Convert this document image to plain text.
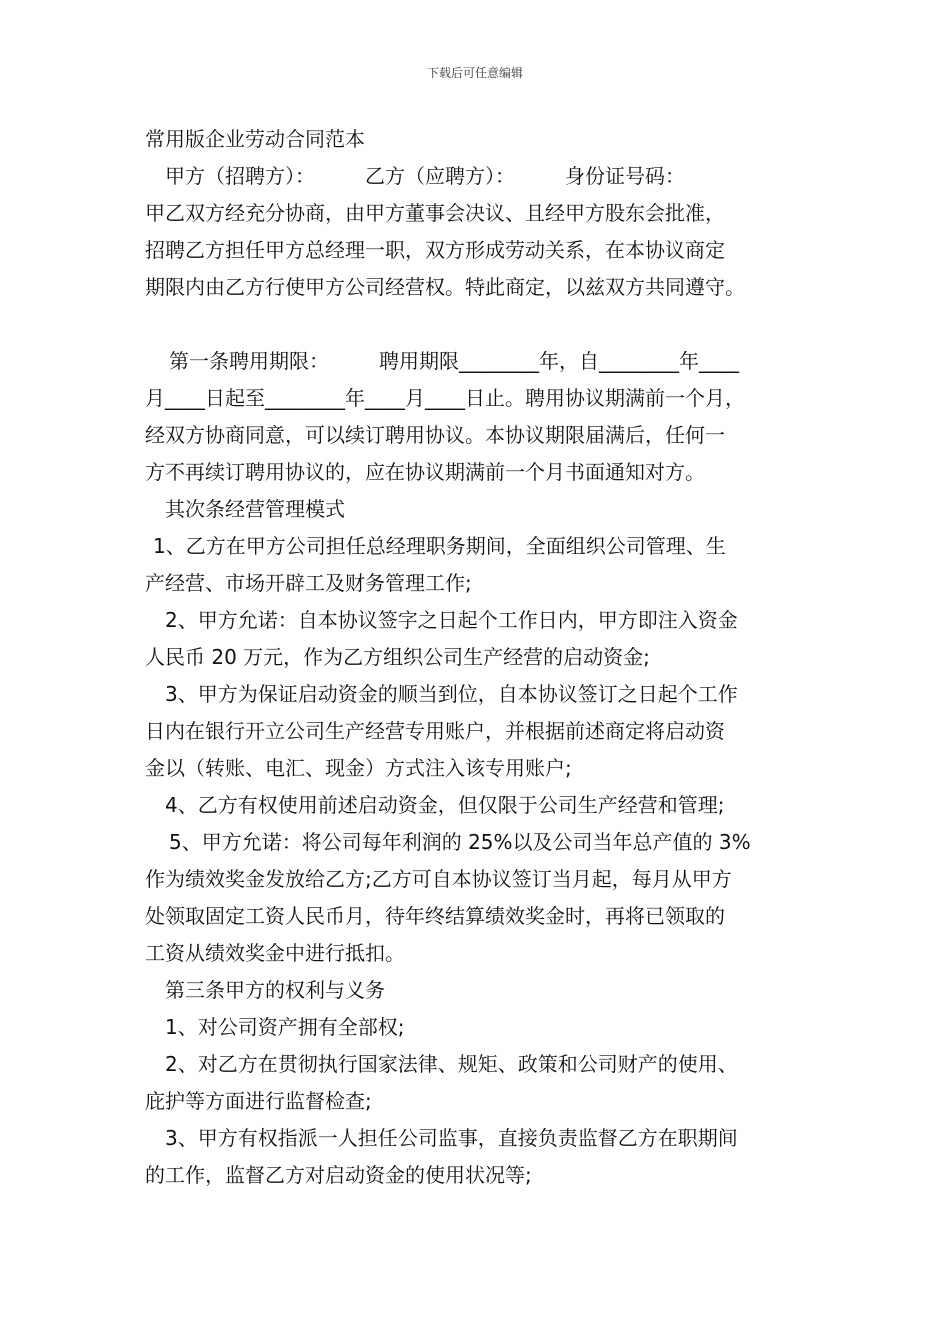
下载后可任意编辑
常用版企业劳动合同范本
甲方（招聘方）：　　　乙方（应聘方）：　　　身份证号码：
甲乙双方经充分协商，由甲方董事会决议、且经甲方股东会批准，
招聘乙方担任甲方总经理一职，双方形成劳动关系，在本协议商定
期限内由乙方行使甲方公司经营权。特此商定，以兹双方共同遵守。
第一条聘用期限：　　　聘用期限________年，自________年____
月____日起至________年____月____日止。聘用协议期满前一个月，
经双方协商同意，可以续订聘用协议。本协议期限届满后，任何一
方不再续订聘用协议的，应在协议期满前一个月书面通知对方。
其次条经营管理模式
1、乙方在甲方公司担任总经理职务期间，全面组织公司管理、生
产经营、市场开辟工及财务管理工作;
2、甲方允诺：自本协议签字之日起个工作日内，甲方即注入资金
人民币 20 万元，作为乙方组织公司生产经营的启动资金;
3、甲方为保证启动资金的顺当到位，自本协议签订之日起个工作
日内在银行开立公司生产经营专用账户，并根据前述商定将启动资
金以（转账、电汇、现金）方式注入该专用账户;
4、乙方有权使用前述启动资金，但仅限于公司生产经营和管理;
5、甲方允诺：将公司每年利润的 25%以及公司当年总产值的 3%
作为绩效奖金发放给乙方;乙方可自本协议签订当月起，每月从甲方
处领取固定工资人民币月，待年终结算绩效奖金时，再将已领取的
工资从绩效奖金中进行抵扣。
第三条甲方的权利与义务
1、对公司资产拥有全部权;
2、对乙方在贯彻执行国家法律、规矩、政策和公司财产的使用、
庇护等方面进行监督检查;
3、甲方有权指派一人担任公司监事，直接负责监督乙方在职期间
的工作，监督乙方对启动资金的使用状况等;
